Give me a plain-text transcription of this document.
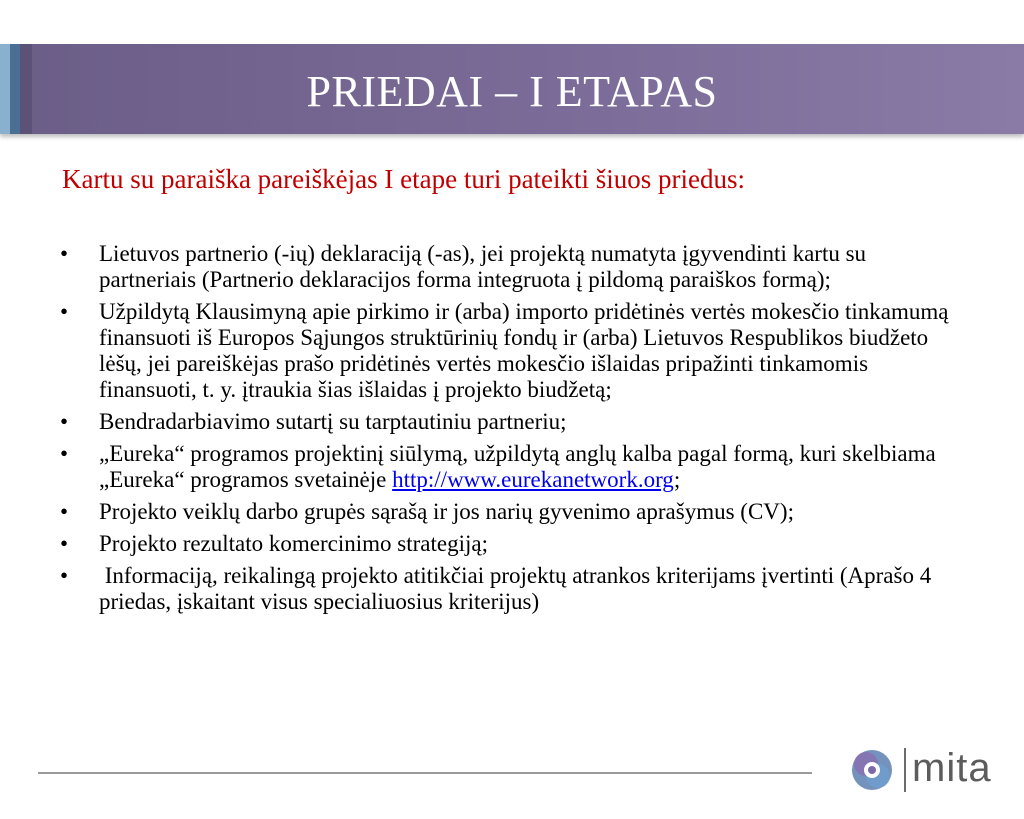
PRIEDAI – I ETAPAS
Kartu su paraiška pareiškėjas I etape turi pateikti šiuos priedus:
•	Lietuvos partnerio (-ių) deklaraciją (-as), jei projektą numatyta įgyvendinti kartu su partneriais (Partnerio deklaracijos forma integruota į pildomą paraiškos formą);
•	Užpildytą Klausimyną apie pirkimo ir (arba) importo pridėtinės vertės mokesčio tinkamumą finansuoti iš Europos Sąjungos struktūrinių fondų ir (arba) Lietuvos Respublikos biudžeto lėšų, jei pareiškėjas prašo pridėtinės vertės mokesčio išlaidas pripažinti tinkamomis finansuoti, t. y. įtraukia šias išlaidas į projekto biudžetą;
•	Bendradarbiavimo sutartį su tarptautiniu partneriu;
•	„Eureka“ programos projektinį siūlymą, užpildytą anglų kalba pagal formą, kuri skelbiama „Eureka“ programos svetainėje http://www.eurekanetwork.org;
•	Projekto veiklų darbo grupės sąrašą ir jos narių gyvenimo aprašymus (CV);
•	Projekto rezultato komercinimo strategiją;
•	Informaciją, reikalingą projekto atitikčiai projektų atrankos kriterijams įvertinti (Aprašo 4 priedas, įskaitant visus specialiuosius kriterijus)
mita
